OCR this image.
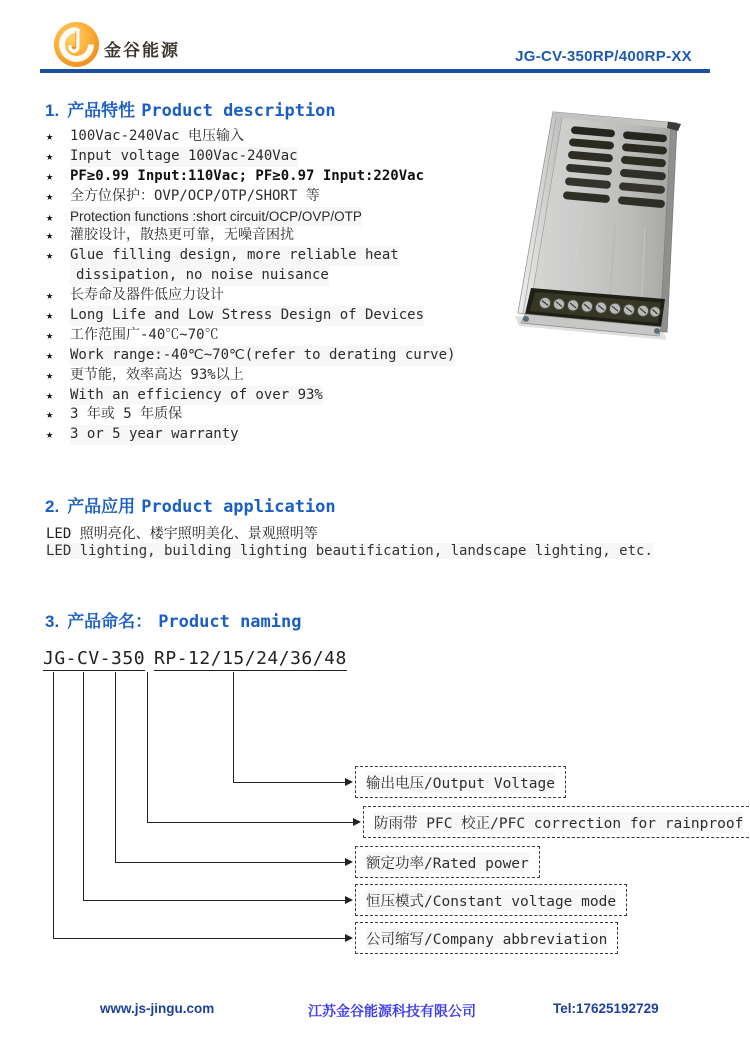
金谷能源	JG-CV-350RP/400RP-XX
1. 产品特性 Product description
★	100Vac-240Vac 电压输入
★	Input voltage 100Vac-240Vac
★	PF≥0.99 Input:110Vac; PF≥0.97 Input:220Vac
★	全方位保护：OVP/OCP/OTP/SHORT 等
★	Protection functions :short circuit/OCP/OVP/OTP
★	灌胶设计，散热更可靠，无噪音困扰
★	Glue filling design, more reliable heat
dissipation, no noise nuisance
★	长寿命及器件低应力设计
★	Long Life and Low Stress Design of Devices
★	工作范围广-40℃~70℃
★	Work range:-40℃~70℃(refer to derating curve)
★	更节能，效率高达 93%以上
★	With an efficiency of over 93%
★	3 年或 5 年质保
★	3 or 5 year warranty
2. 产品应用 Product application
LED 照明亮化、楼宇照明美化、景观照明等
LED lighting, building lighting beautification, landscape lighting, etc.
3. 产品命名： Product naming
JG-CV-350 RP-12/15/24/36/48
输出电压/Output Voltage
防雨带 PFC 校正/PFC correction for rainproof
额定功率/Rated power
恒压模式/Constant voltage mode
公司缩写/Company abbreviation
www.js-jingu.com	江苏金谷能源科技有限公司	Tel:17625192729
